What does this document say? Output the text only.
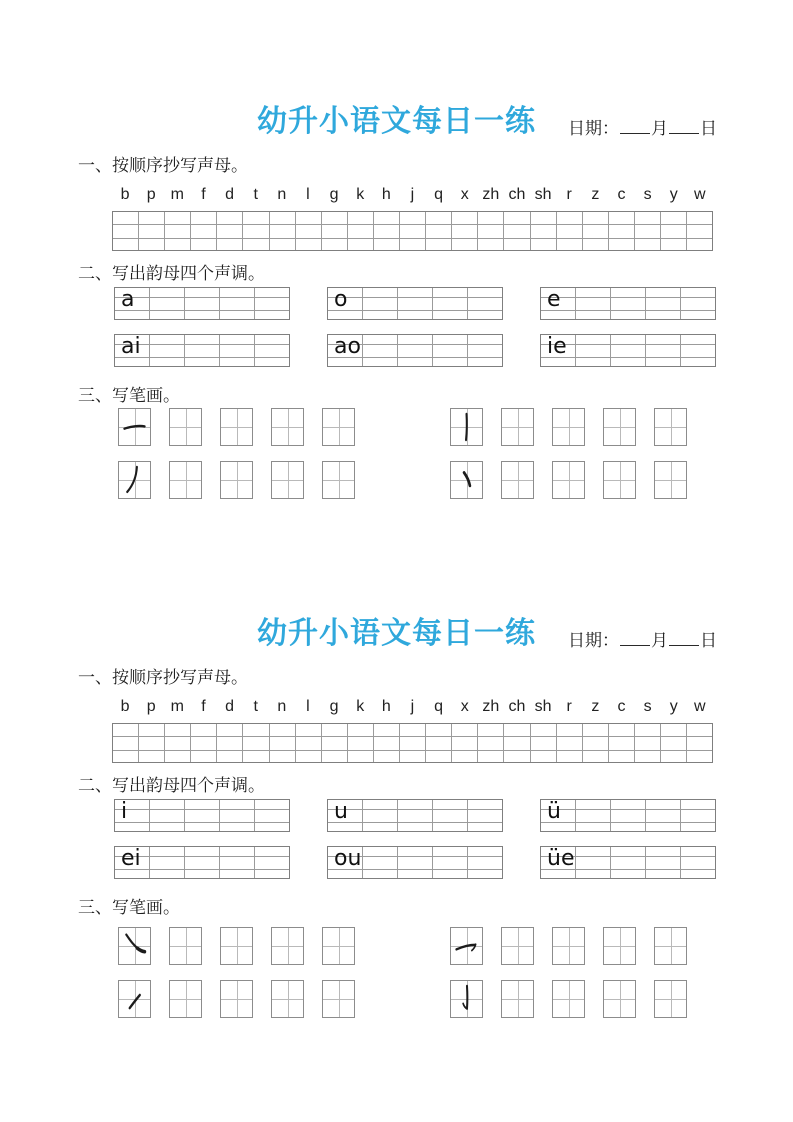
幼升小语文每日一练	日期： 月 日
一、按顺序抄写声母。
b	p m	f	d	t	n	l	g	k	h	j	q	x zh ch sh r	z	c	s	y	w
二、写出韵母四个声调。
a	o	e
ai	ao	ie
三、写笔画。
幼升小语文每日一练	日期： 月 日
一、按顺序抄写声母。
b	p m	f	d	t	n	l	g	k	h	j	q	x zh ch sh r	z	c	s	y	w
二、写出韵母四个声调。
i	u	ü
ei	ou	üe
三、写笔画。
